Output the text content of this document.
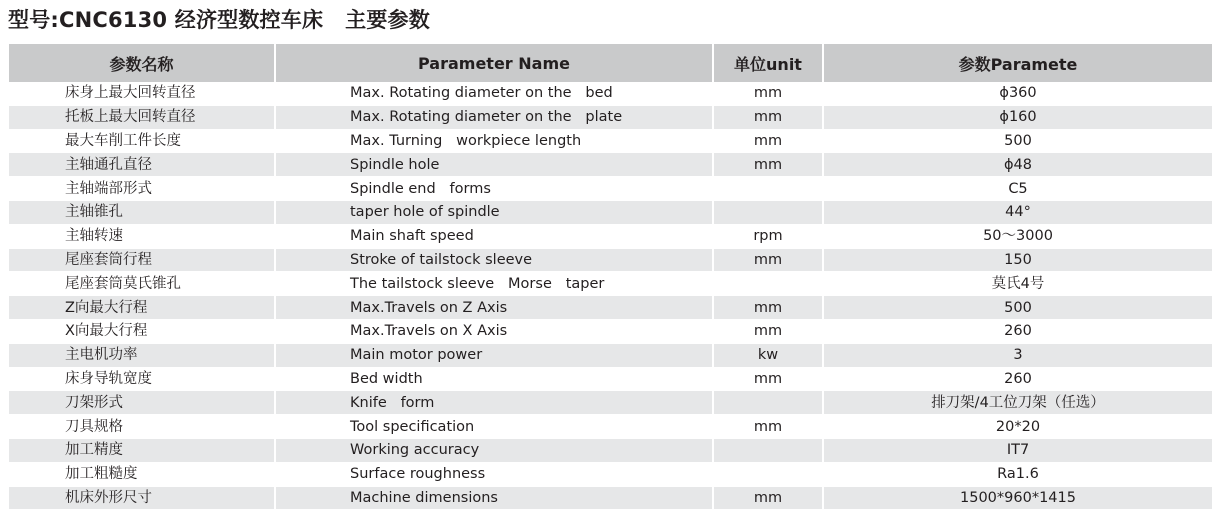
型号:CNC6130 经济型数控车床 主要参数
参数名称	Parameter Name	单位unit	参数Paramete
床身上最大回转直径	Max. Rotating diameter on the   bed	mm	ϕ360
托板上最大回转直径	Max. Rotating diameter on the   plate	mm	ϕ160
最大车削工件长度	Max. Turning   workpiece length	mm	500
主轴通孔直径	Spindle hole	mm	ϕ48
主轴端部形式	Spindle end   forms		C5
主轴锥孔	taper hole of spindle		44°
主轴转速	Main shaft speed	rpm	50～3000
尾座套筒行程	Stroke of tailstock sleeve	mm	150
尾座套筒莫氏锥孔	The tailstock sleeve   Morse   taper		莫氏4号
Z向最大行程	Max.Travels on Z Axis	mm	500
X向最大行程	Max.Travels on X Axis	mm	260
主电机功率	Main motor power	kw	3
床身导轨宽度	Bed width	mm	260
刀架形式	Knife   form		排刀架/4工位刀架（任选）
刀具规格	Tool specification	mm	20*20
加工精度	Working accuracy		IT7
加工粗糙度	Surface roughness		Ra1.6
机床外形尺寸	Machine dimensions	mm	1500*960*1415
